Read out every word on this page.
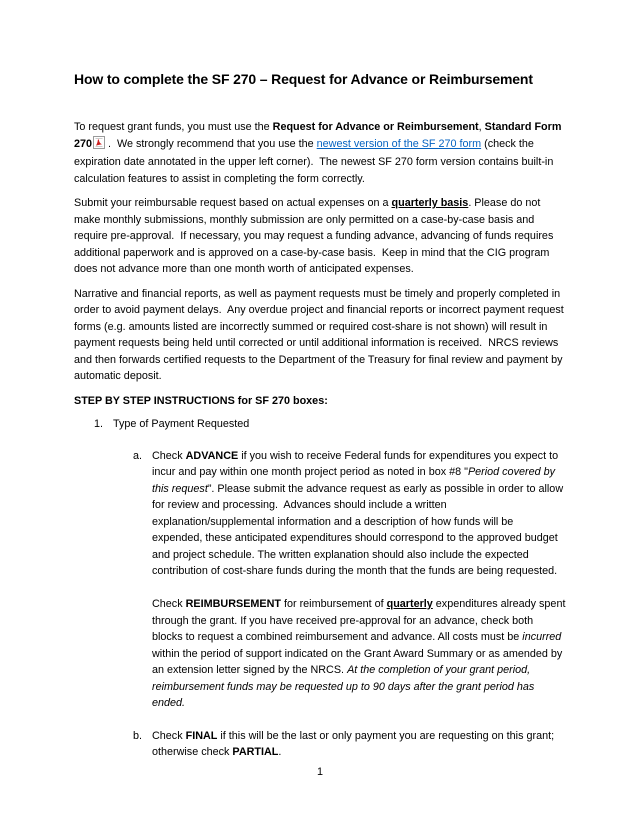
How to complete the SF 270 – Request for Advance or Reimbursement

To request grant funds, you must use the Request for Advance or Reimbursement, Standard Form 270 .  We strongly recommend that you use the newest version of the SF 270 form (check the expiration date annotated in the upper left corner).  The newest SF 270 form version contains built-in calculation features to assist in completing the form correctly.

Submit your reimbursable request based on actual expenses on a quarterly basis. Please do not make monthly submissions, monthly submission are only permitted on a case-by-case basis and require pre-approval.  If necessary, you may request a funding advance, advancing of funds requires additional paperwork and is approved on a case-by-case basis.  Keep in mind that the CIG program does not advance more than one month worth of anticipated expenses.

Narrative and financial reports, as well as payment requests must be timely and properly completed in order to avoid payment delays.  Any overdue project and financial reports or incorrect payment request forms (e.g. amounts listed are incorrectly summed or required cost-share is not shown) will result in payment requests being held until corrected or until additional information is received.  NRCS reviews and then forwards certified requests to the Department of the Treasury for final review and payment by automatic deposit.

STEP BY STEP INSTRUCTIONS for SF 270 boxes:

1. Type of Payment Requested

a. Check ADVANCE if you wish to receive Federal funds for expenditures you expect to incur and pay within one month project period as noted in box #8 "Period covered by this request”. Please submit the advance request as early as possible in order to allow for review and processing.  Advances should include a written explanation/supplemental information and a description of how funds will be expended, these anticipated expenditures should correspond to the approved budget and project schedule. The written explanation should also include the expected contribution of cost-share funds during the month that the funds are being requested.

Check REIMBURSEMENT for reimbursement of quarterly expenditures already spent through the grant. If you have received pre-approval for an advance, check both blocks to request a combined reimbursement and advance. All costs must be incurred within the period of support indicated on the Grant Award Summary or as amended by an extension letter signed by the NRCS. At the completion of your grant period, reimbursement funds may be requested up to 90 days after the grant period has ended.

b. Check FINAL if this will be the last or only payment you are requesting on this grant; otherwise check PARTIAL.

1
